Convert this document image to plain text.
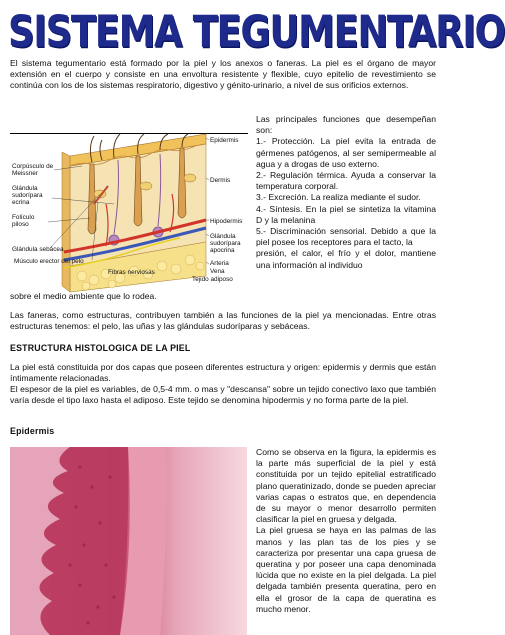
SISTEMA TEGUMENTARIO

El sistema tegumentario está formado por la piel y los anexos o faneras. La piel es el órgano de mayor extensión en el cuerpo y consiste en una envoltura resistente y flexible, cuyo epitelio de revestimiento se continúa con los de los sistemas respiratorio, digestivo y génito-urinario, a nivel de sus orificios externos.

Epidermis
Corpúsculo de
Meissner
Dermis
Glándula
sudorípara
ecrina
Folículo
piloso	Hipodermis
Glándula
sudorípara
apocrina
Glándula sebácea
Músculo erector del pelo	Arteria
Vena
Fibras nerviosas
Tejido adiposo

Las principales funciones que desempeñan son:

1.- Protección. La piel evita la entrada de gérmenes patógenos, al ser semipermeable al agua y a drogas de uso externo.

2.- Regulación térmica. Ayuda a conservar la temperatura corporal.

3.- Excreción. La realiza mediante el sudor.

4.- Síntesis. En la piel se sintetiza la vitamina D y la melanina

5.- Discriminación sensorial. Debido a que la piel posee los receptores para el tacto, la

presión, el calor, el frío y el dolor, mantiene una información al individuo

sobre el medio ambiente que lo rodea.

Las faneras, como estructuras, contribuyen también a las funciones de la piel ya mencionadas. Entre otras estructuras tenemos: el pelo, las uñas y las glándulas sudoríparas y sebáceas.

ESTRUCTURA HISTOLOGICA DE LA PIEL

La piel está constituida por dos capas que poseen diferentes estructura y origen: epidermis y dermis que están íntimamente relacionadas.

El espesor de la piel es variables, de 0,5-4 mm. o mas y "descansa" sobre un tejido conectivo laxo que también varía desde el tipo laxo hasta el adiposo. Este tejido se denomina hipodermis y no forma parte de la piel.

Epidermis

Como se observa en la figura, la epidermis es la parte más superficial de la piel y está constituida por un tejido epitelial estratificado plano queratinizado, donde se pueden apreciar varias capas o estratos que, en dependencia de su mayor o menor desarrollo permiten clasificar la piel en gruesa y delgada.

La piel gruesa se haya en las palmas de las manos y las plan tas de los pies y se caracteriza por presentar una capa gruesa de queratina y por poseer una capa denominada lúcida que no existe en la piel delgada. La piel delgada también presenta queratina, pero en ella el grosor de la capa de queratina es mucho menor.
